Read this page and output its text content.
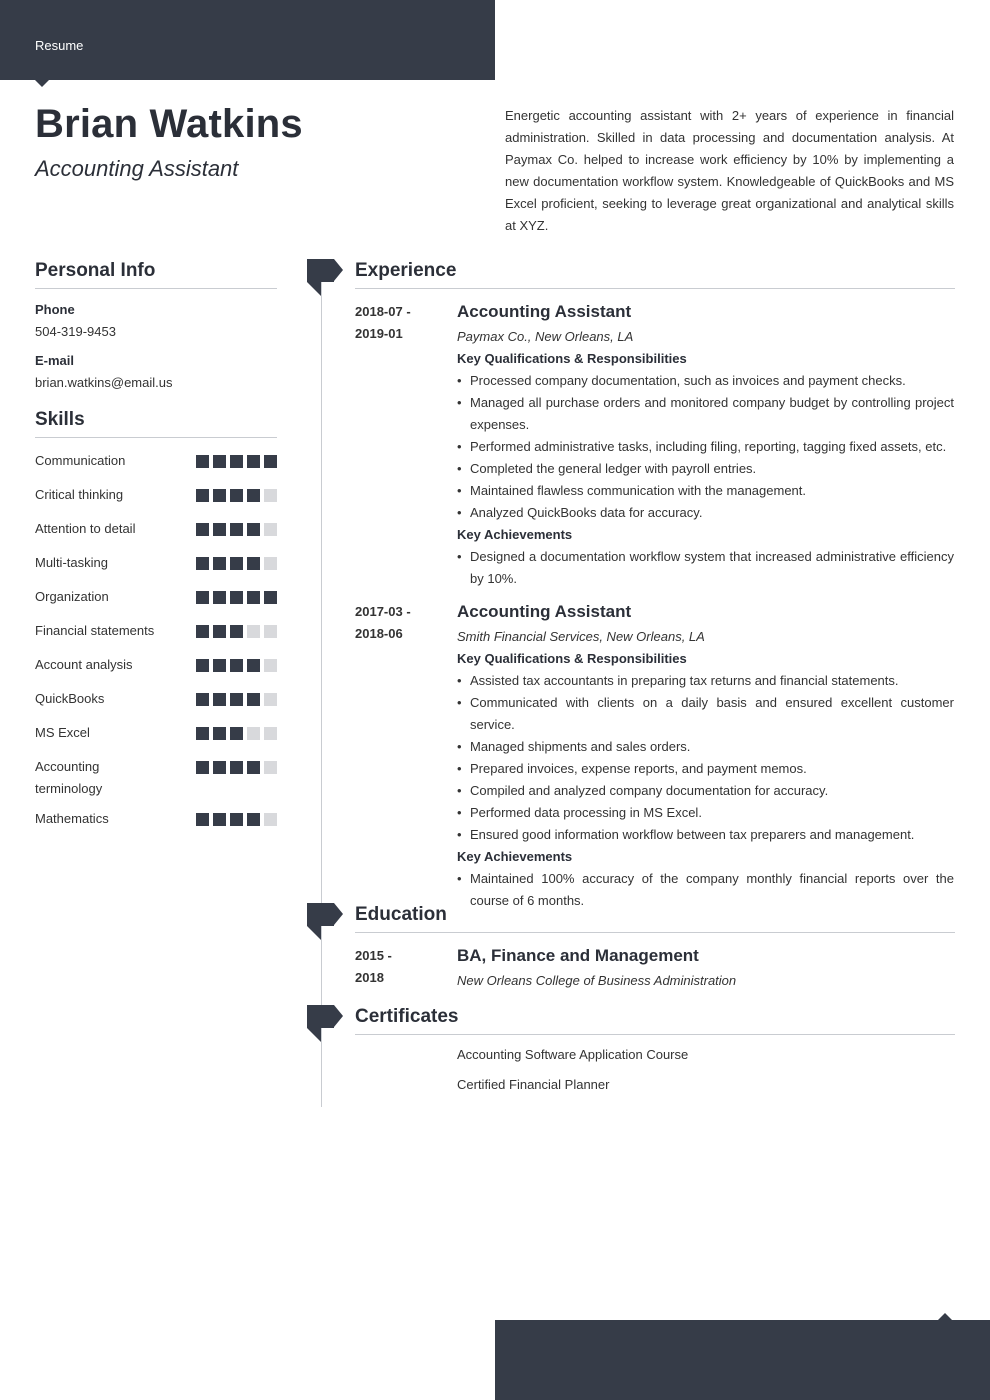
Resume
Brian Watkins
Accounting Assistant

Energetic accounting assistant with 2+ years of experience in financial administration. Skilled in data processing and documentation analysis. At Paymax Co. helped to increase work efficiency by 10% by implementing a new documentation workflow system. Knowledgeable of QuickBooks and MS Excel proficient, seeking to leverage great organizational and analytical skills at XYZ.

Personal Info
Phone
504-319-9453
E-mail
brian.watkins@email.us
Skills
Communication
Critical thinking
Attention to detail
Multi-tasking
Organization
Financial statements
Account analysis
QuickBooks
MS Excel
Accounting terminology
Mathematics
Experience
2018-07 -
2019-01
Accounting Assistant
Paymax Co., New Orleans, LA
Key Qualifications & Responsibilities
• Processed company documentation, such as invoices and payment checks.
• Managed all purchase orders and monitored company budget by controlling project expenses.
• Performed administrative tasks, including filing, reporting, tagging fixed assets, etc.
• Completed the general ledger with payroll entries.
• Maintained flawless communication with the management.
• Analyzed QuickBooks data for accuracy.
Key Achievements
• Designed a documentation workflow system that increased administrative efficiency by 10%.
2017-03 -
2018-06
Accounting Assistant
Smith Financial Services, New Orleans, LA
Key Qualifications & Responsibilities
• Assisted tax accountants in preparing tax returns and financial statements.
• Communicated with clients on a daily basis and ensured excellent customer service.
• Managed shipments and sales orders.
• Prepared invoices, expense reports, and payment memos.
• Compiled and analyzed company documentation for accuracy.
• Performed data processing in MS Excel.
• Ensured good information workflow between tax preparers and management.
Key Achievements
• Maintained 100% accuracy of the company monthly financial reports over the course of 6 months.
Education
2015 -
2018
BA, Finance and Management
New Orleans College of Business Administration
Certificates
Accounting Software Application Course
Certified Financial Planner
